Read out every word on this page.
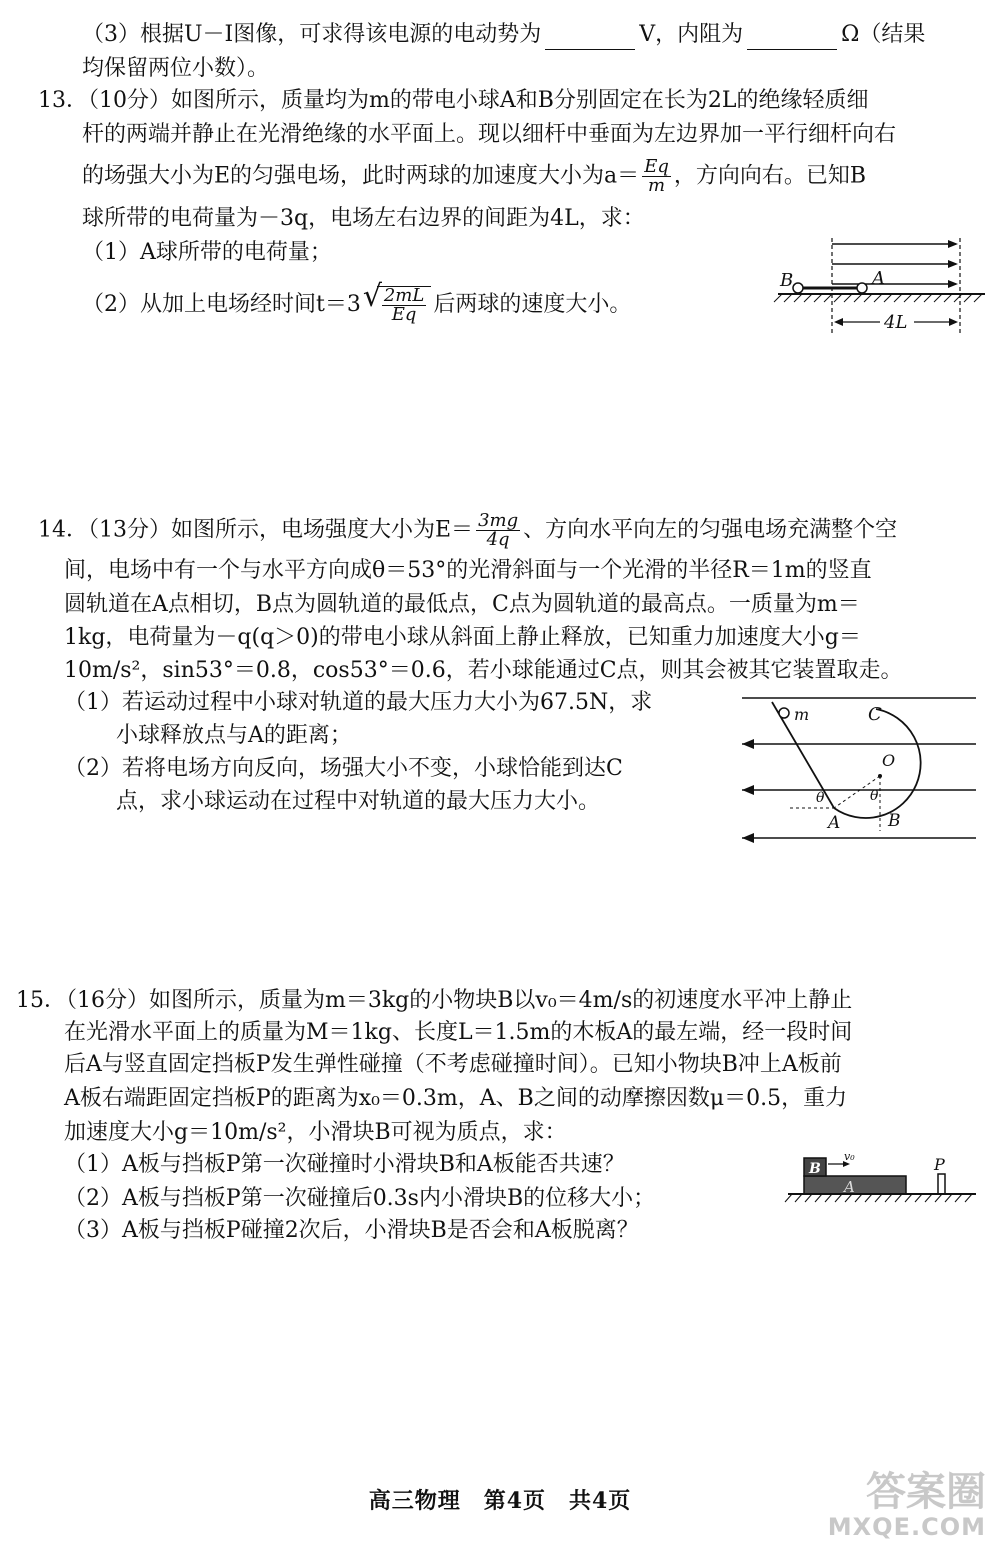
（3）根据U－I图像，可求得该电源的电动势为	V，内阻为	Ω（结果
均保留两位小数）。
13．（10分）如图所示，质量均为m的带电小球A和B分别固定在长为2L的绝缘轻质细
杆的两端并静止在光滑绝缘的水平面上。现以细杆中垂面为左边界加一平行细杆向右
的场强大小为E的匀强电场，此时两球的加速度大小为$a= \frac{Eq}{m}$ ，方向向右。已知B
球所带的电荷量为－3q，电场左右边界的间距为4L，求：
（1）A球所带的电荷量；
（2）从加上电场经时间t＝3 √ $\frac{2mL}{Eq}$ 后两球的速度大小。
B	A
4L
14．（13分）如图所示，电场强度大小为$E= \frac{3mg}{4q}$ 、方向水平向左的匀强电场充满整个空
间，电场中有一个与水平方向成θ＝53°的光滑斜面与一个光滑的半径R＝1m的竖直
圆轨道在A点相切，B点为圆轨道的最低点，C点为圆轨道的最高点。一质量为m＝
1kg，电荷量为－q(q＞0)的带电小球从斜面上静止释放，已知重力加速度大小g＝
10m/s²，sin53°＝0.8，cos53°＝0.6，若小球能通过C点，则其会被其它装置取走。
（1）若运动过程中小球对轨道的最大压力大小为67.5N，求
小球释放点与A的距离；
（2）若将电场方向反向，场强大小不变，小球恰能到达C
点，求小球运动在过程中对轨道的最大压力大小。
m	C
O
θ	θ
A	B
15．（16分）如图所示，质量为m＝3kg的小物块B以v₀＝4m/s的初速度水平冲上静止
在光滑水平面上的质量为M＝1kg、长度L＝1.5m的木板A的最左端，经一段时间
后A与竖直固定挡板P发生弹性碰撞（不考虑碰撞时间）。已知小物块B冲上A板前
A板右端距固定挡板P的距离为x₀＝0.3m，A、B之间的动摩擦因数μ＝0.5，重力
加速度大小g＝10m/s²，小滑块B可视为质点，求：
（1）A板与挡板P第一次碰撞时小滑块B和A板能否共速？
（2）A板与挡板P第一次碰撞后0.3s内小滑块B的位移大小；
（3）A板与挡板P碰撞2次后，小滑块B是否会和A板脱离？
B
v₀
A
P
高三物理　第4页　共4页	答案圈
MXQE.COM
